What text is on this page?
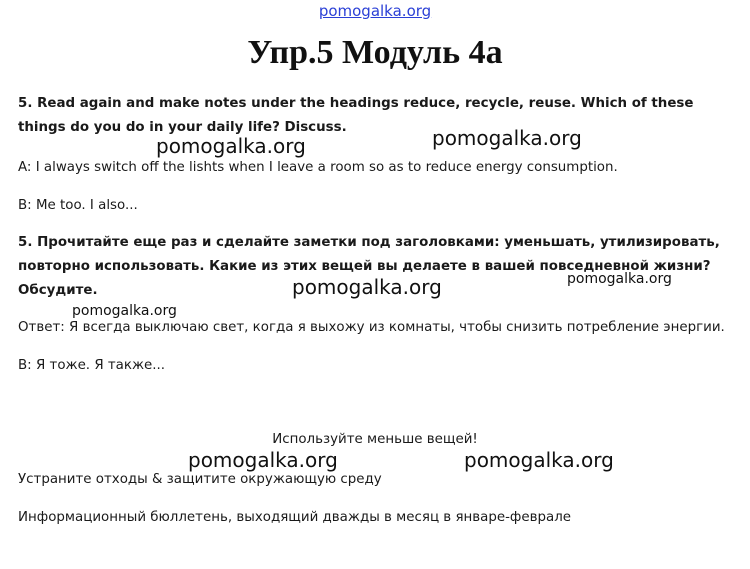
pomogalka.org
Упр.5 Модуль 4а
5. Read again and make notes under the headings reduce, recycle, reuse. Which of these things do you do in your daily life? Discuss.
A: I always switch off the lishts when I leave a room so as to reduce energy consumption.
B: Me too. I also...
5. Прочитайте еще раз и сделайте заметки под заголовками: уменьшать, утилизировать, повторно использовать. Какие из этих вещей вы делаете в вашей повседневной жизни? Обсудите.
Ответ: Я всегда выключаю свет, когда я выхожу из комнаты, чтобы снизить потребление энергии.
В: Я тоже. Я также...
Используйте меньше вещей!
Устраните отходы & защитите окружающую среду
Информационный бюллетень, выходящий дважды в месяц в январе-феврале
pomogalka.org	pomogalka.org
pomogalka.org	pomogalka.org
pomogalka.org
pomogalka.org	pomogalka.org
